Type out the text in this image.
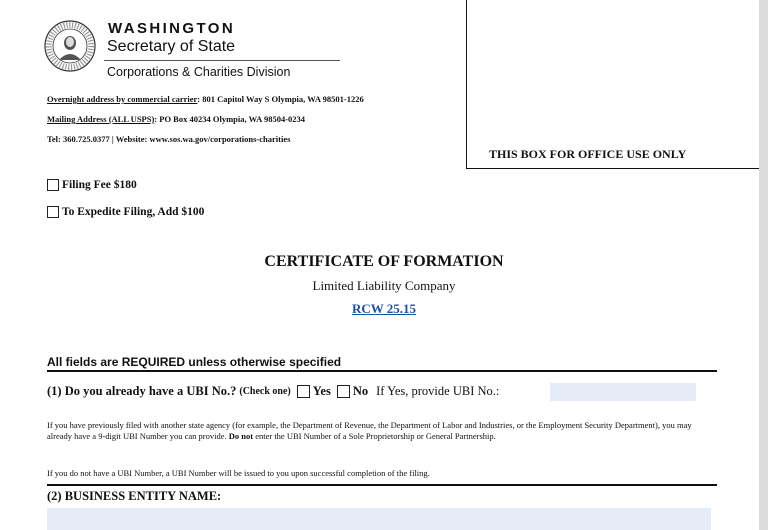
WASHINGTON
Secretary of State
Corporations & Charities Division
Overnight address by commercial carrier: 801 Capitol Way S Olympia, WA 98501-1226
Mailing Address (ALL USPS): PO Box 40234 Olympia, WA 98504-0234
Tel: 360.725.0377 | Website: www.sos.wa.gov/corporations-charities
THIS BOX FOR OFFICE USE ONLY
Filing Fee $180
To Expedite Filing, Add $100
CERTIFICATE OF FORMATION
Limited Liability Company
RCW 25.15
All fields are REQUIRED unless otherwise specified
(1) Do you already have a UBI No.? (Check one) Yes No If Yes, provide UBI No.:
If you have previously filed with another state agency (for example, the Department of Revenue, the Department of Labor and Industries, or the Employment Security Department), you may already have a 9-digit UBI Number you can provide. Do not enter the UBI Number of a Sole Proprietorship or General Partnership.
If you do not have a UBI Number, a UBI Number will be issued to you upon successful completion of the filing.
(2) BUSINESS ENTITY NAME:
